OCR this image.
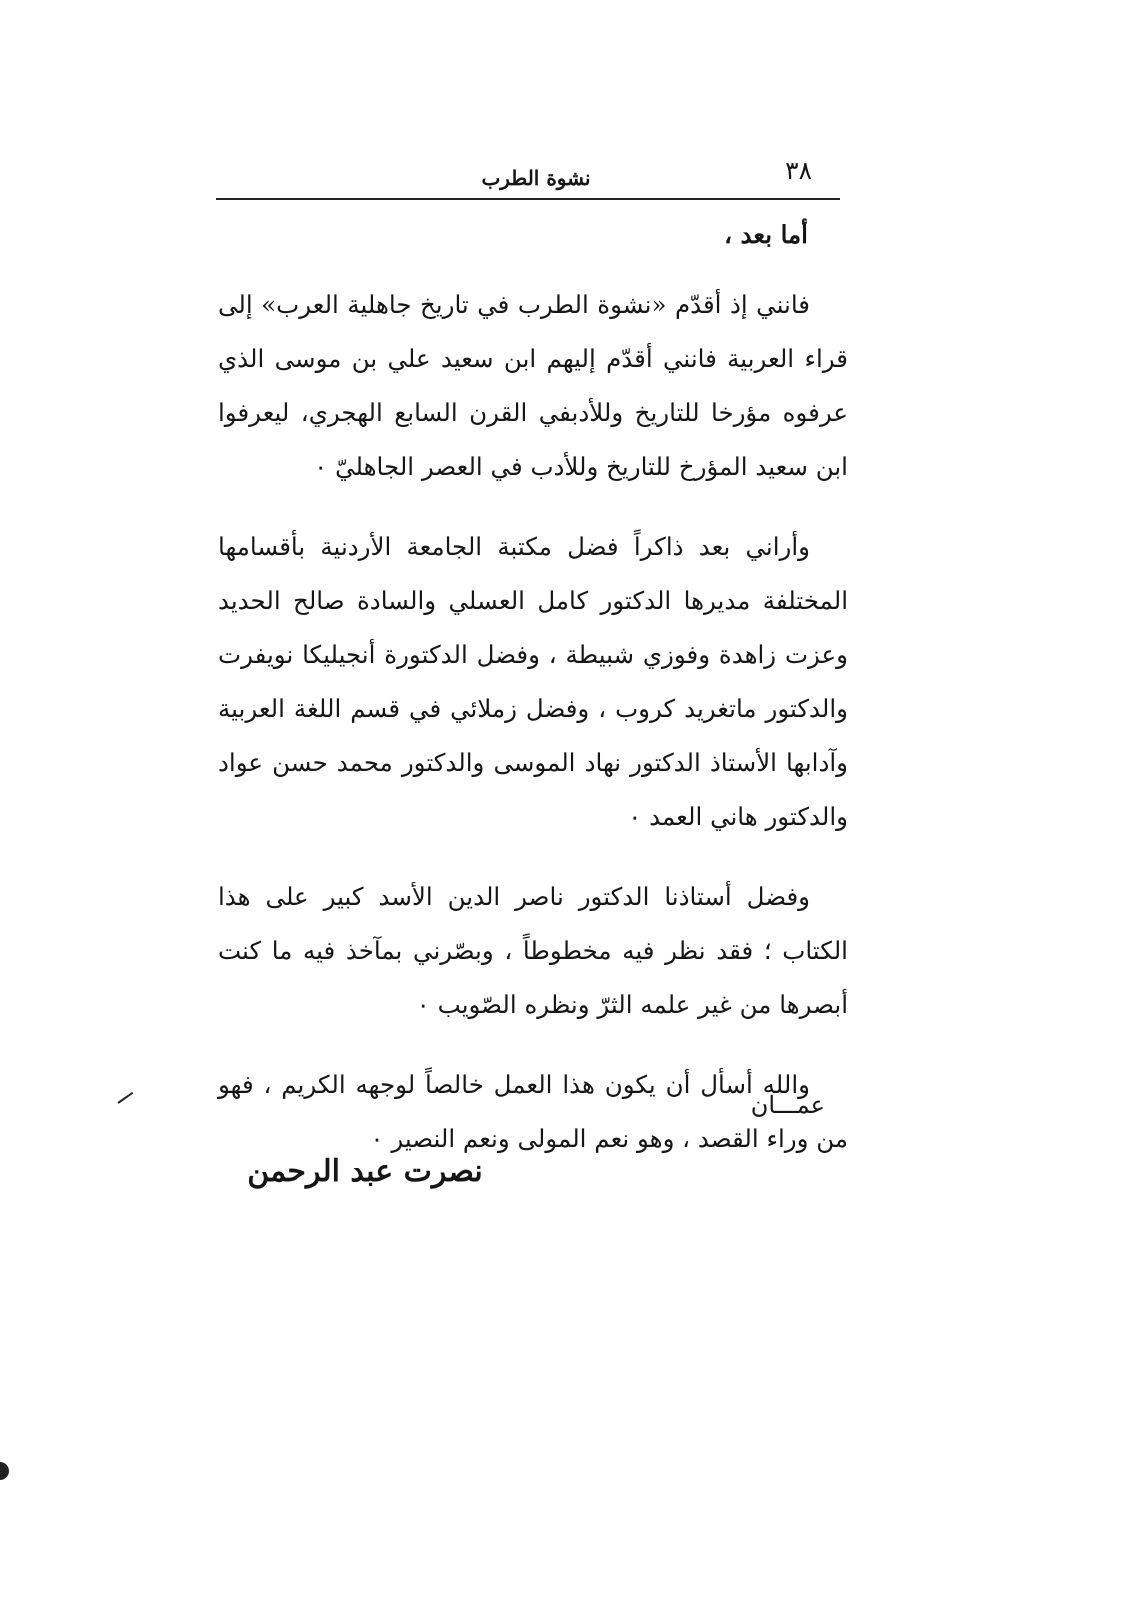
٣٨
نشوة الطرب

أما بعد ،

فانني إذ أقدّم «نشوة الطرب في تاريخ جاهلية العرب» إلى قراء العربية فانني أقدّم إليهم ابن سعيد علي بن موسى الذي عرفوه مؤرخا للتاريخ وللأدبفي القرن السابع الهجري، ليعرفوا ابن سعيد المؤرخ للتاريخ وللأدب في العصر الجاهليّ ٠

وأراني بعد ذاكراً فضل مكتبة الجامعة الأردنية بأقسامها المختلفة مديرها الدكتور كامل العسلي والسادة صالح الحديد وعزت زاهدة وفوزي شبيطة ، وفضل الدكتورة أنجيليكا نويفرت والدكتور ماتغريد كروب ، وفضل زملائي في قسم اللغة العربية وآدابها الأستاذ الدكتور نهاد الموسى والدكتور محمد حسن عواد والدكتور هاني العمد ٠

وفضل أستاذنا الدكتور ناصر الدين الأسد كبير على هذا الكتاب ؛ فقد نظر فيه مخطوطاً ، وبصّرني بمآخذ فيه ما كنت أبصرها من غير علمه الثرّ ونظره الصّويب ٠

والله أسأل أن يكون هذا العمل خالصاً لوجهه الكريم ، فهو من وراء القصد ، وهو نعم المولى ونعم النصير ٠

عمـــان
نصرت عبد الرحمن
